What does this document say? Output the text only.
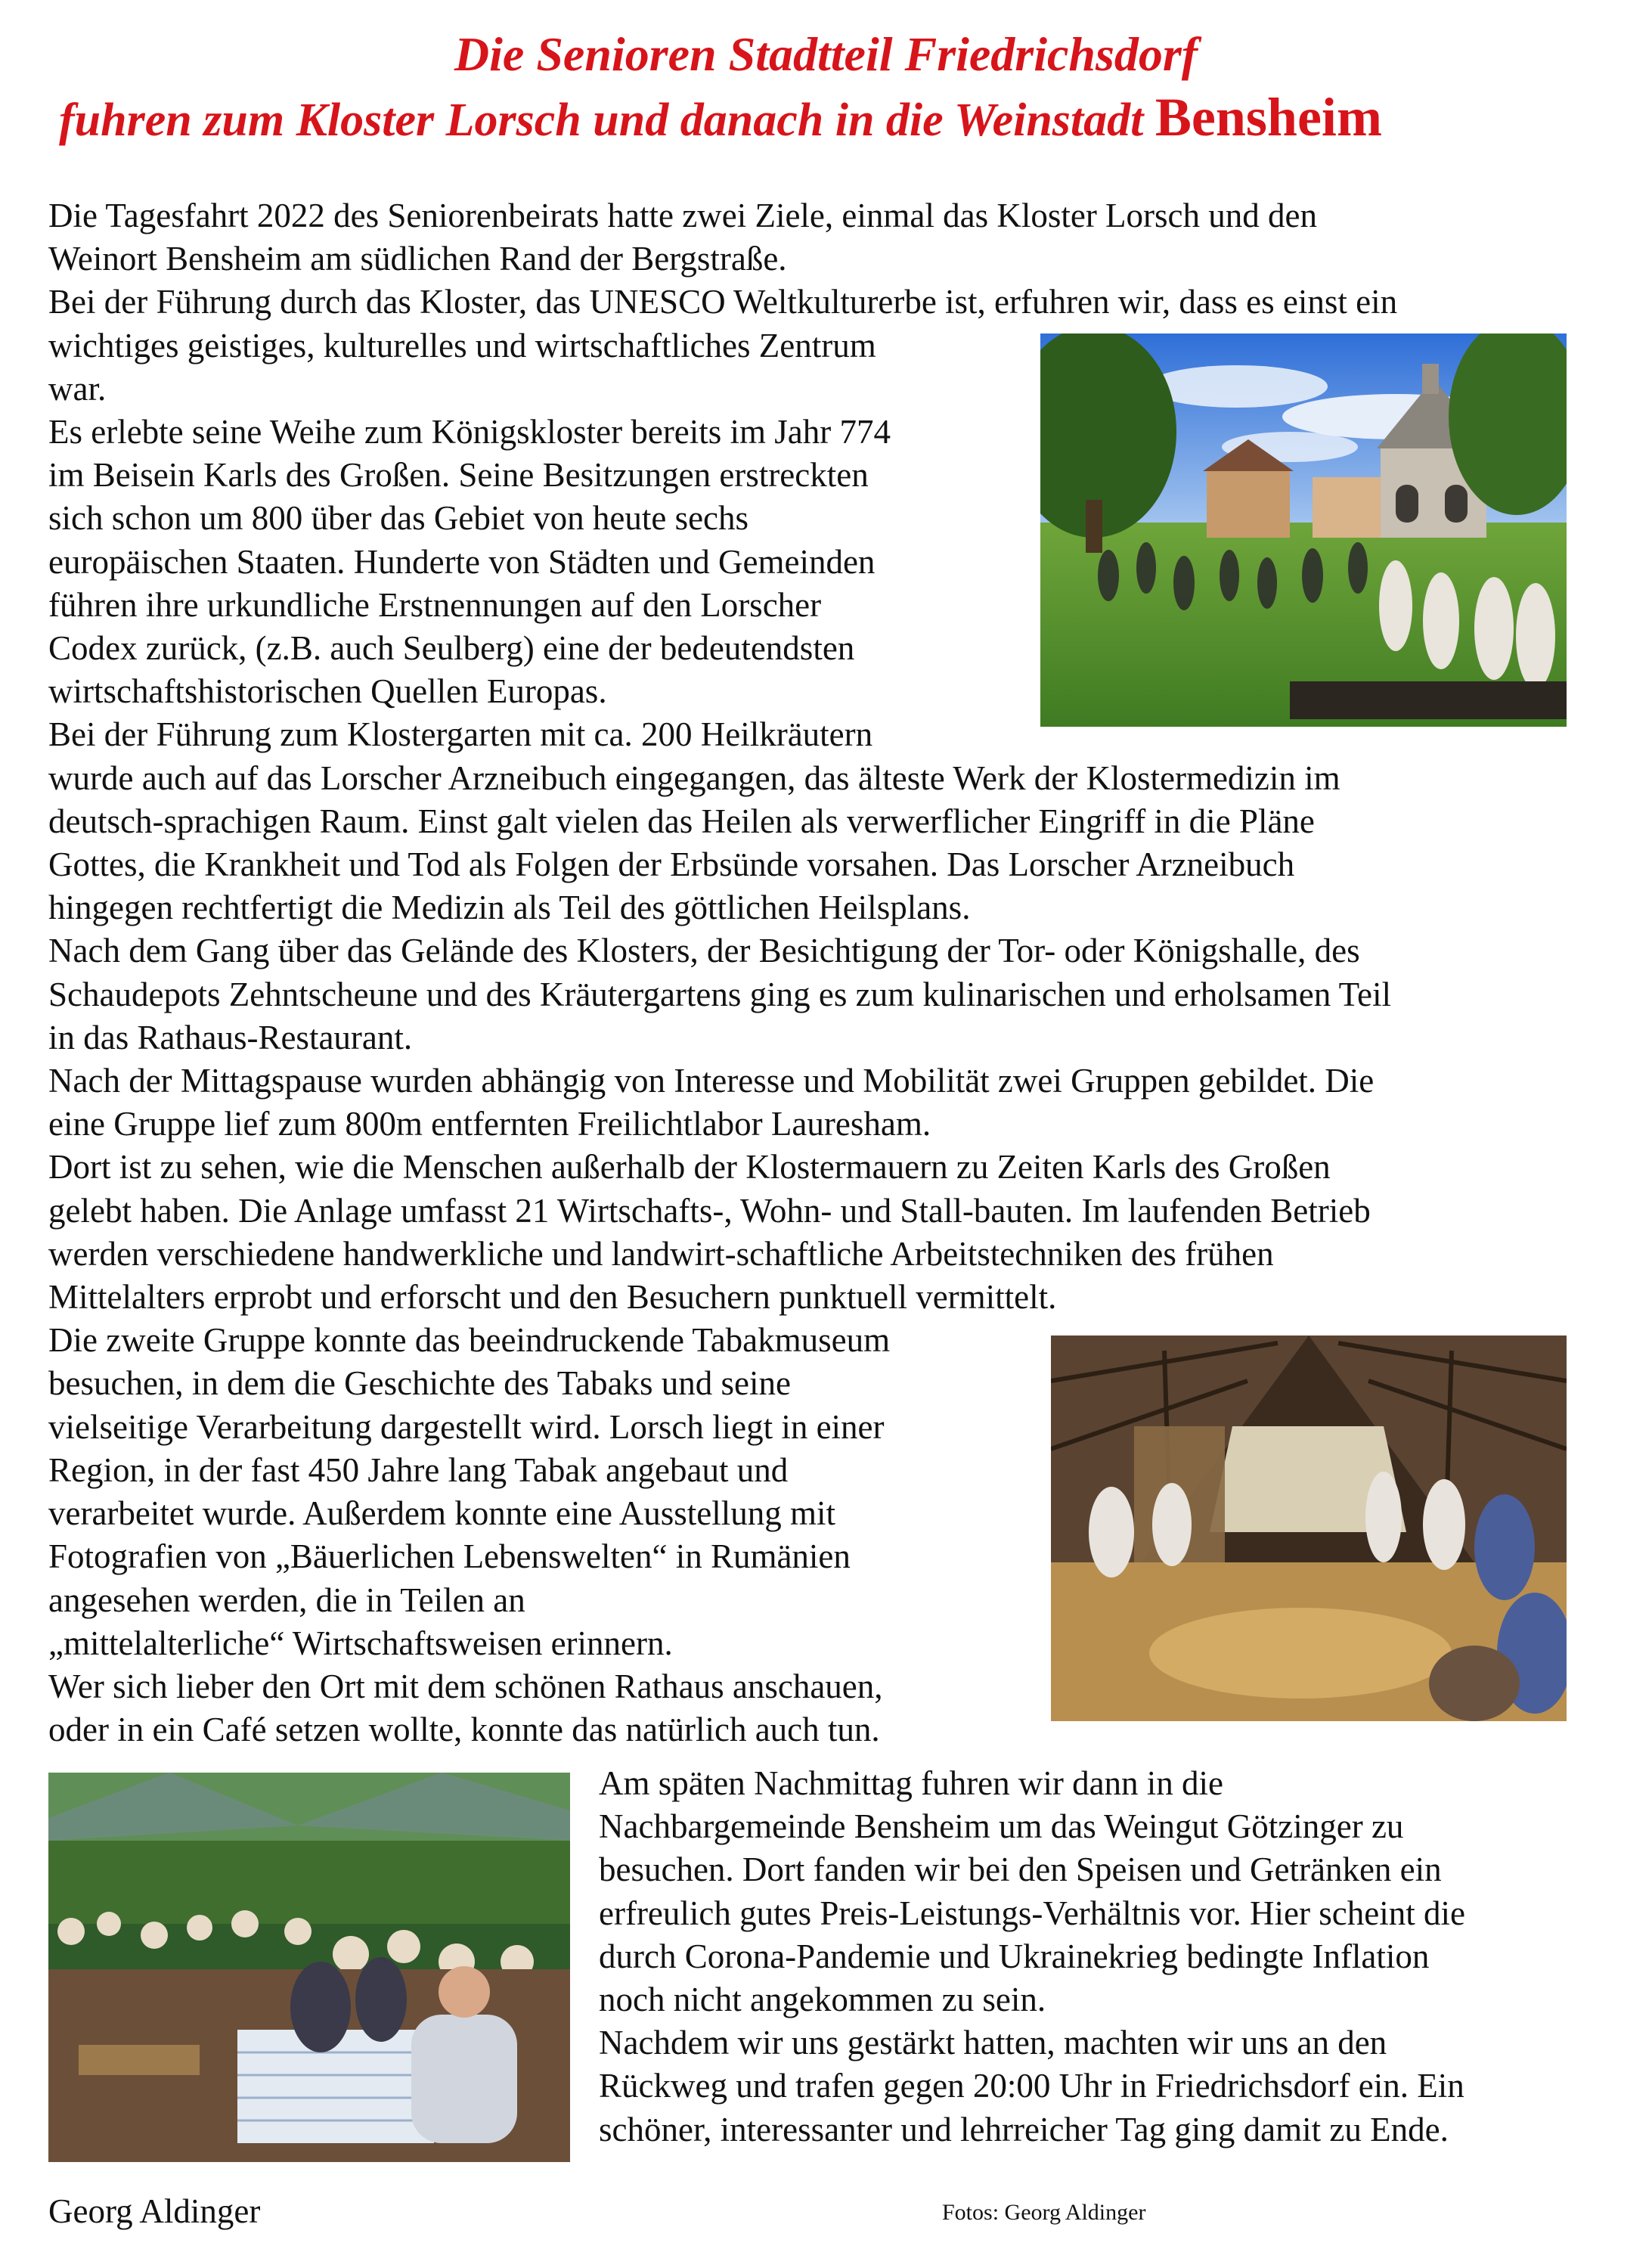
Die Senioren Stadtteil Friedrichsdorf
fuhren zum Kloster Lorsch und danach in die Weinstadt Bensheim

Die Tagesfahrt 2022 des Seniorenbeirats hatte zwei Ziele, einmal das Kloster Lorsch und den

Weinort Bensheim am südlichen Rand der Bergstraße.

Bei der Führung durch das Kloster, das UNESCO Weltkulturerbe ist, erfuhren wir, dass es einst ein

wichtiges geistiges, kulturelles und wirtschaftliches Zentrum

war.

Es erlebte seine Weihe zum Königskloster bereits im Jahr 774

im Beisein Karls des Großen. Seine Besitzungen erstreckten

sich schon um 800 über das Gebiet von heute sechs

europäischen Staaten. Hunderte von Städten und Gemeinden

führen ihre urkundliche Erstnennungen auf den Lorscher

Codex zurück, (z.B. auch Seulberg) eine der bedeutendsten

wirtschaftshistorischen Quellen Europas.

Bei der Führung zum Klostergarten mit ca. 200 Heilkräutern

wurde auch auf das Lorscher Arzneibuch eingegangen, das älteste Werk der Klostermedizin im

deutsch-sprachigen Raum. Einst galt vielen das Heilen als verwerflicher Eingriff in die Pläne

Gottes, die Krankheit und Tod als Folgen der Erbsünde vorsahen. Das Lorscher Arzneibuch

hingegen rechtfertigt die Medizin als Teil des göttlichen Heilsplans.

Nach dem Gang über das Gelände des Klosters, der Besichtigung der Tor- oder Königshalle, des

Schaudepots Zehntscheune und des Kräutergartens ging es zum kulinarischen und erholsamen Teil

in das Rathaus-Restaurant.

Nach der Mittagspause wurden abhängig von Interesse und Mobilität zwei Gruppen gebildet. Die

eine Gruppe lief zum 800m entfernten Freilichtlabor Lauresham.

Dort ist zu sehen, wie die Menschen außerhalb der Klostermauern zu Zeiten Karls des Großen

gelebt haben. Die Anlage umfasst 21 Wirtschafts-, Wohn- und Stall-bauten. Im laufenden Betrieb

werden verschiedene handwerkliche und landwirt-schaftliche Arbeitstechniken des frühen

Mittelalters erprobt und erforscht und den Besuchern punktuell vermittelt.

Die zweite Gruppe konnte das beeindruckende Tabakmuseum

besuchen, in dem die Geschichte des Tabaks und seine

vielseitige Verarbeitung dargestellt wird. Lorsch liegt in einer

Region, in der fast 450 Jahre lang Tabak angebaut und

verarbeitet wurde. Außerdem konnte eine Ausstellung mit

Fotografien von „Bäuerlichen Lebenswelten“ in Rumänien

angesehen werden, die in Teilen an

„mittelalterliche“ Wirtschaftsweisen erinnern.

Wer sich lieber den Ort mit dem schönen Rathaus anschauen,

oder in ein Café setzen wollte, konnte das natürlich auch tun.

Am späten Nachmittag fuhren wir dann in die

Nachbargemeinde Bensheim um das Weingut Götzinger zu

besuchen. Dort fanden wir bei den Speisen und Getränken ein

erfreulich gutes Preis-Leistungs-Verhältnis vor. Hier scheint die

durch Corona-Pandemie und Ukrainekrieg bedingte Inflation

noch nicht angekommen zu sein.

Nachdem wir uns gestärkt hatten, machten wir uns an den

Rückweg und trafen gegen 20:00 Uhr in Friedrichsdorf ein. Ein

schöner, interessanter und lehrreicher Tag ging damit zu Ende.

Georg Aldinger	Fotos: Georg Aldinger
